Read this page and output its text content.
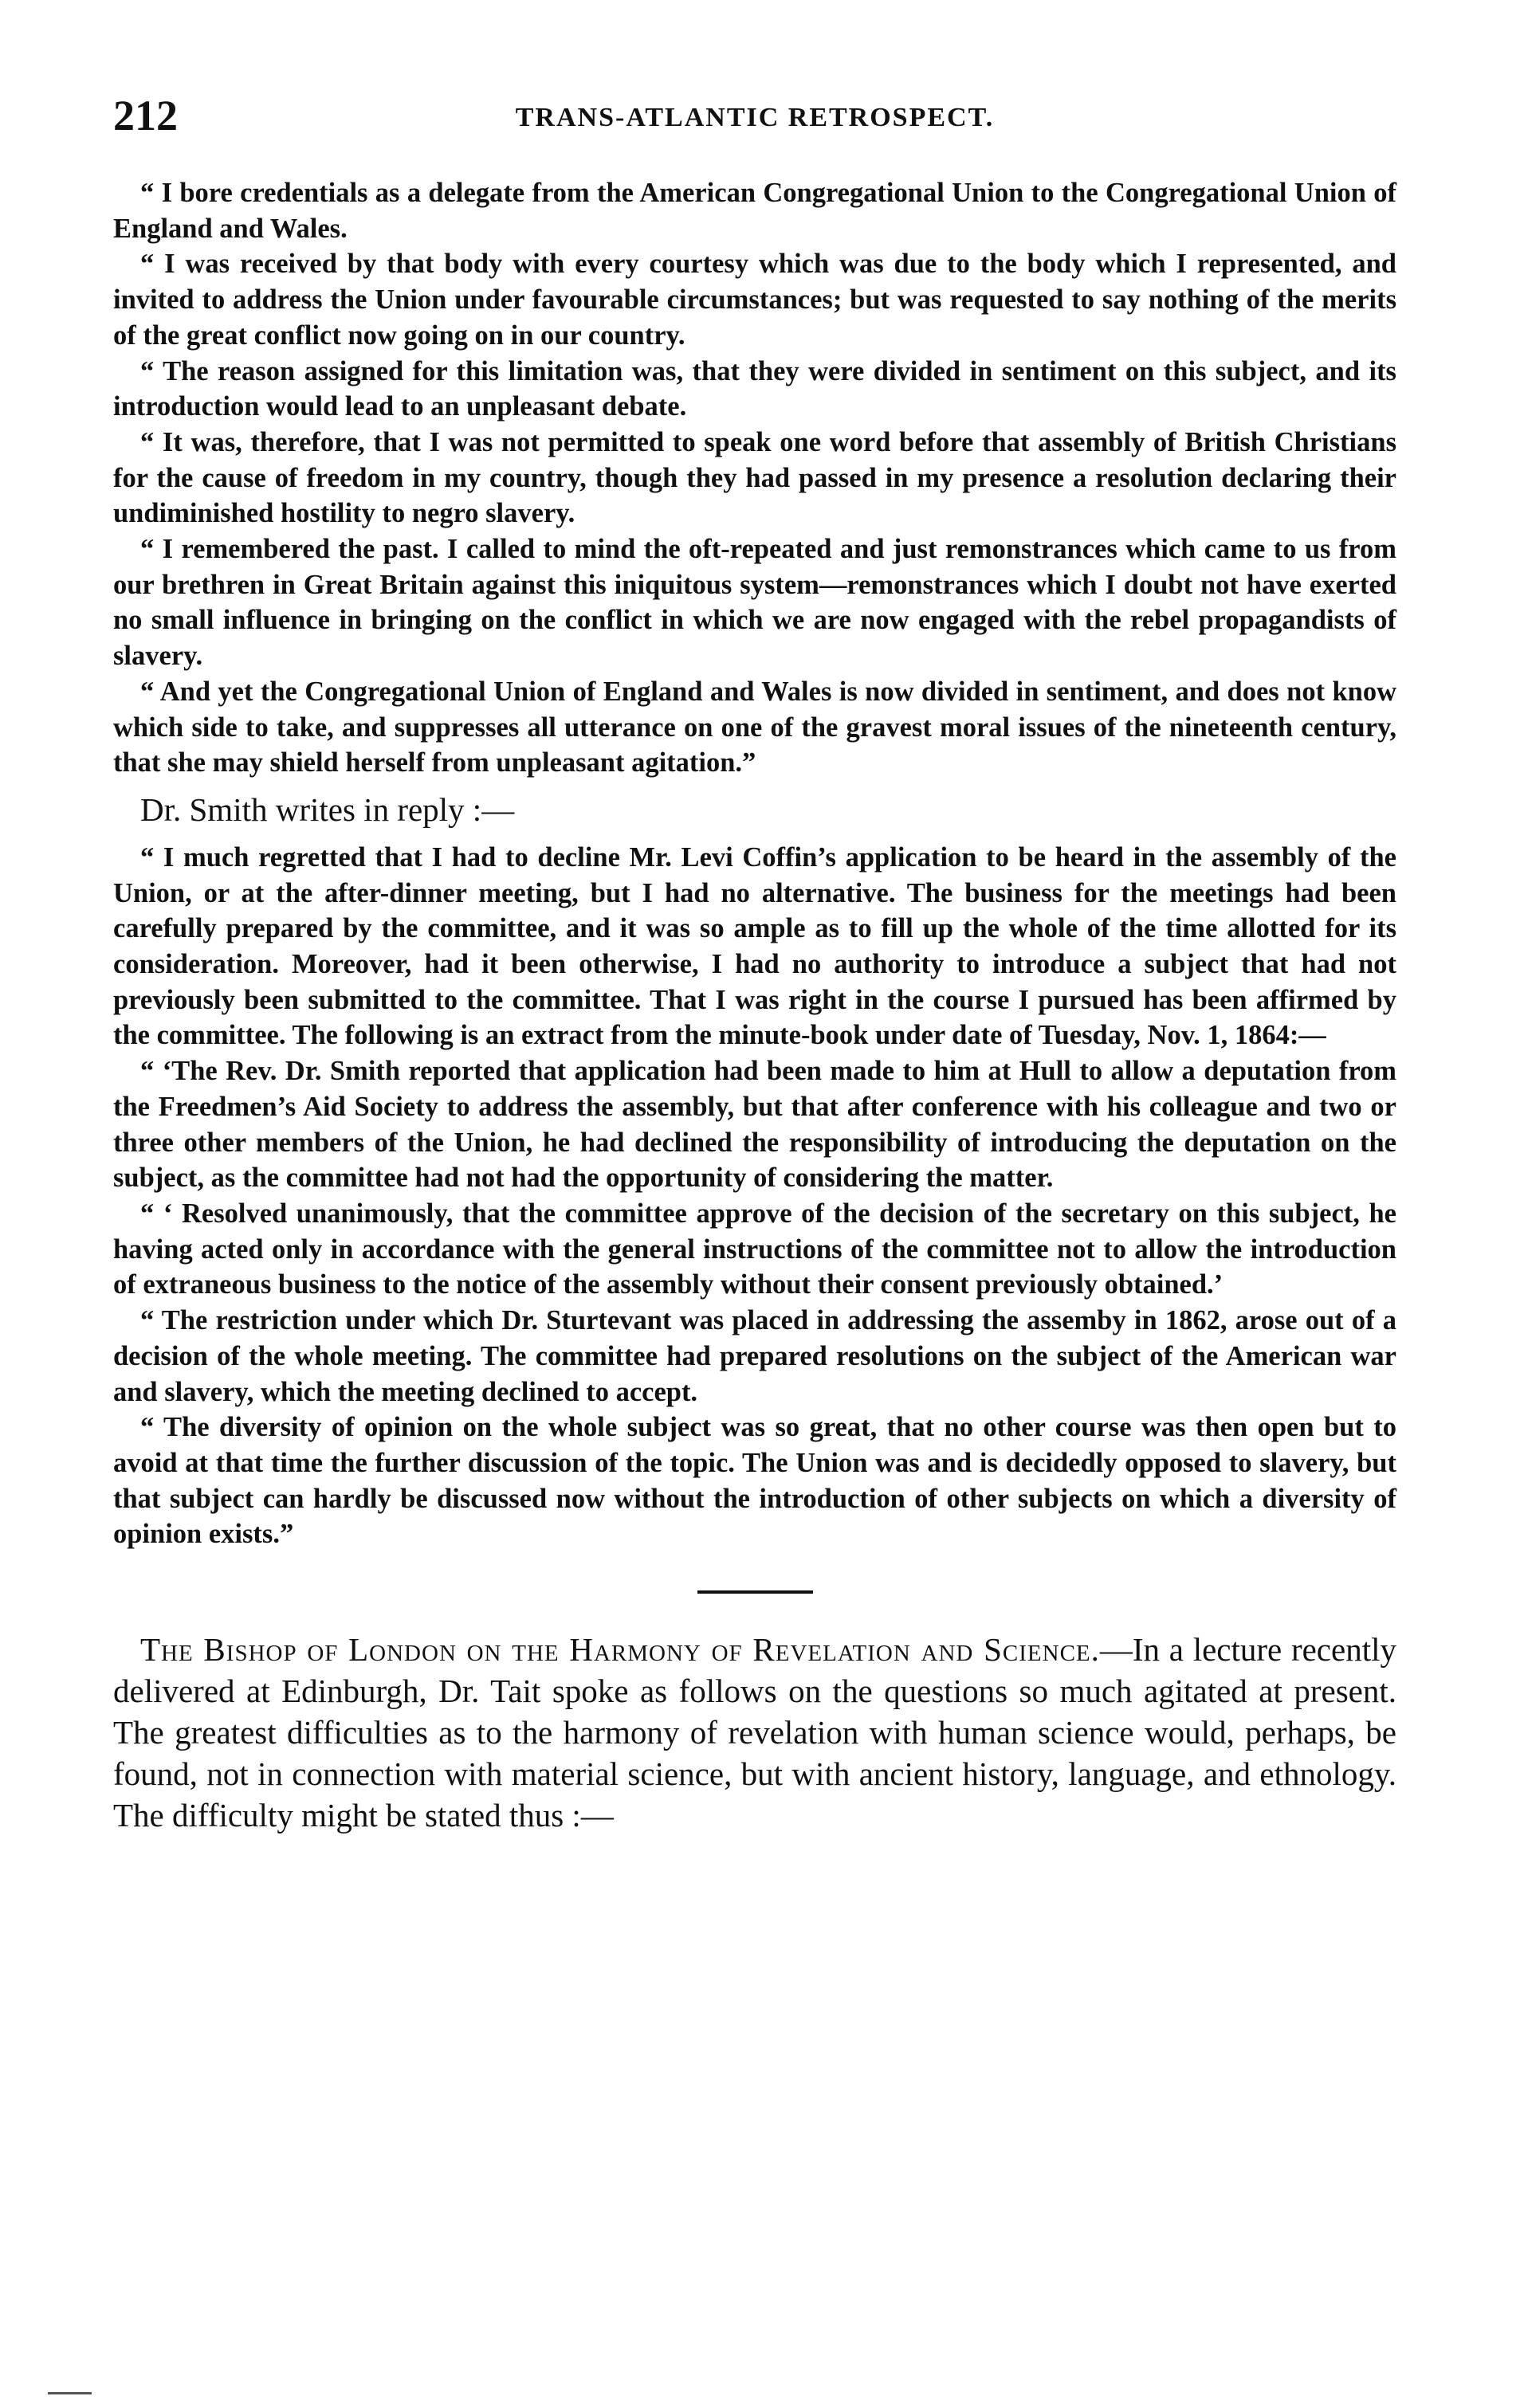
212	TRANS-ATLANTIC RETROSPECT.

“ I bore credentials as a delegate from the American Congregational Union to the Congregational Union of England and Wales.

“ I was received by that body with every courtesy which was due to the body which I represented, and invited to address the Union under favourable circumstances; but was requested to say nothing of the merits of the great conflict now going on in our country.

“ The reason assigned for this limitation was, that they were divided in sentiment on this subject, and its introduction would lead to an unpleasant debate.

“ It was, therefore, that I was not permitted to speak one word before that assembly of British Christians for the cause of freedom in my country, though they had passed in my presence a resolution declaring their undiminished hostility to negro slavery.

“ I remembered the past. I called to mind the oft-repeated and just remonstrances which came to us from our brethren in Great Britain against this iniquitous system—remonstrances which I doubt not have exerted no small influence in bringing on the conflict in which we are now engaged with the rebel propagandists of slavery.

“ And yet the Congregational Union of England and Wales is now divided in sentiment, and does not know which side to take, and suppresses all utterance on one of the gravest moral issues of the nineteenth century, that she may shield herself from unpleasant agitation.”

Dr. Smith writes in reply :—

“ I much regretted that I had to decline Mr. Levi Coffin’s application to be heard in the assembly of the Union, or at the after-dinner meeting, but I had no alternative. The business for the meetings had been carefully prepared by the committee, and it was so ample as to fill up the whole of the time allotted for its consideration. Moreover, had it been otherwise, I had no authority to introduce a subject that had not previously been submitted to the committee. That I was right in the course I pursued has been affirmed by the committee. The following is an extract from the minute-book under date of Tuesday, Nov. 1, 1864:—

“ ‘The Rev. Dr. Smith reported that application had been made to him at Hull to allow a deputation from the Freedmen’s Aid Society to address the assembly, but that after conference with his colleague and two or three other members of the Union, he had declined the responsibility of introducing the deputation on the subject, as the committee had not had the opportunity of considering the matter.

“ ‘ Resolved unanimously, that the committee approve of the decision of the secretary on this subject, he having acted only in accordance with the general instructions of the committee not to allow the introduction of extraneous business to the notice of the assembly without their consent previously obtained.’

“ The restriction under which Dr. Sturtevant was placed in addressing the assemby in 1862, arose out of a decision of the whole meeting. The committee had prepared resolutions on the subject of the American war and slavery, which the meeting declined to accept.

“ The diversity of opinion on the whole subject was so great, that no other course was then open but to avoid at that time the further discussion of the topic. The Union was and is decidedly opposed to slavery, but that subject can hardly be discussed now without the introduction of other subjects on which a diversity of opinion exists.”

The Bishop of London on the Harmony of Revelation and Science.—In a lecture recently delivered at Edinburgh, Dr. Tait spoke as follows on the questions so much agitated at present. The greatest difficulties as to the harmony of revelation with human science would, perhaps, be found, not in connection with material science, but with ancient history, language, and ethnology. The difficulty might be stated thus :—
